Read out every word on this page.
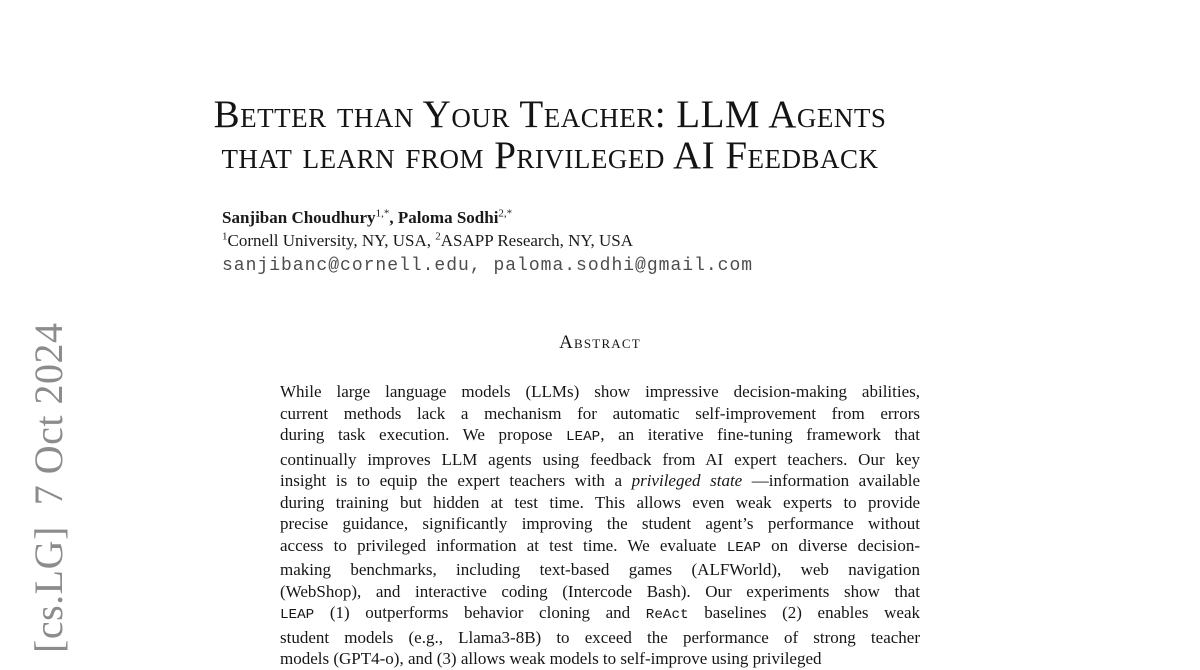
[cs.LG]  7 Oct 2024
Better than Your Teacher: LLM Agents
that learn from Privileged AI Feedback
Sanjiban Choudhury$^{1,*}$, Paloma Sodhi$^{2,*}$
$^1$Cornell University, NY, USA, $^2$ASAPP Research, NY, USA
sanjibanc@cornell.edu, paloma.sodhi@gmail.com
Abstract
While large language models (LLMs) show impressive decision-making abilities,
current methods lack a mechanism for automatic self-improvement from errors
during task execution. We propose LEAP, an iterative fine-tuning framework that
continually improves LLM agents using feedback from AI expert teachers. Our key
insight is to equip the expert teachers with a privileged state —information available
during training but hidden at test time. This allows even weak experts to provide
precise guidance, significantly improving the student agent’s performance without
access to privileged information at test time. We evaluate LEAP on diverse decision-
making benchmarks, including text-based games (ALFWorld), web navigation
(WebShop), and interactive coding (Intercode Bash). Our experiments show that
LEAP (1) outperforms behavior cloning and ReAct baselines (2) enables weak
student models (e.g., Llama3-8B) to exceed the performance of strong teacher
models (GPT4-o), and (3) allows weak models to self-improve using privileged
